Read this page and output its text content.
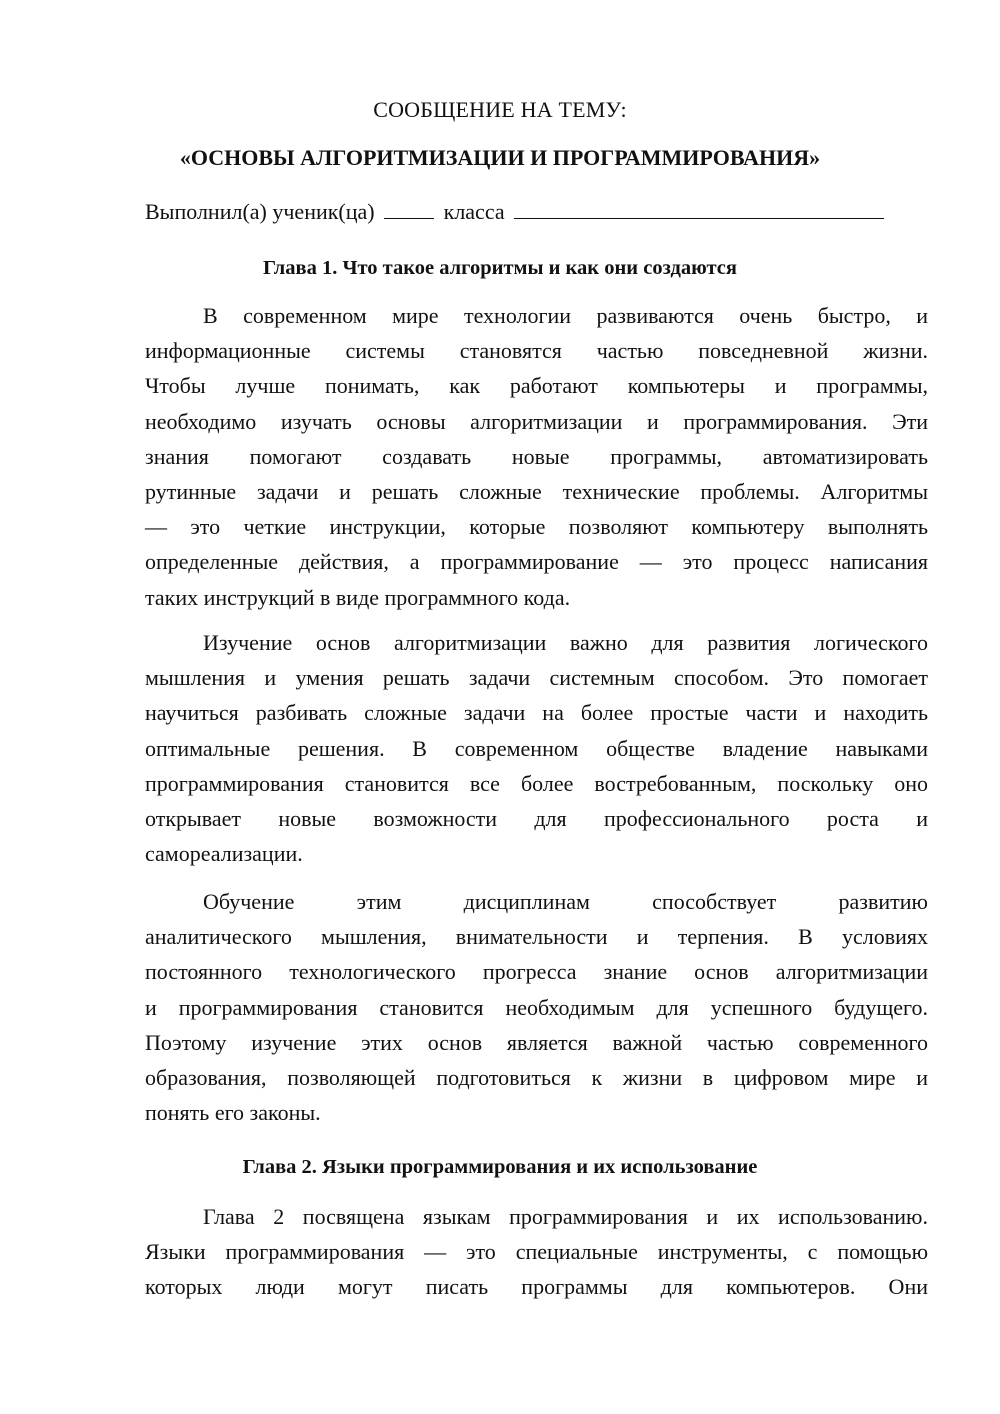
СООБЩЕНИЕ НА ТЕМУ:
«ОСНОВЫ АЛГОРИТМИЗАЦИИ И ПРОГРАММИРОВАНИЯ»
Выполнил(а) ученик(ца)	класса
Глава 1. Что такое алгоритмы и как они создаются
В современном мире технологии развиваются очень быстро, и
информационные системы становятся частью повседневной жизни.
Чтобы лучше понимать, как работают компьютеры и программы,
необходимо изучать основы алгоритмизации и программирования. Эти
знания помогают создавать новые программы, автоматизировать
рутинные задачи и решать сложные технические проблемы. Алгоритмы
— это четкие инструкции, которые позволяют компьютеру выполнять
определенные действия, а программирование — это процесс написания
таких инструкций в виде программного кода.
Изучение основ алгоритмизации важно для развития логического
мышления и умения решать задачи системным способом. Это помогает
научиться разбивать сложные задачи на более простые части и находить
оптимальные решения. В современном обществе владение навыками
программирования становится все более востребованным, поскольку оно
открывает новые возможности для профессионального роста и
самореализации.
Обучение этим дисциплинам способствует развитию
аналитического мышления, внимательности и терпения. В условиях
постоянного технологического прогресса знание основ алгоритмизации
и программирования становится необходимым для успешного будущего.
Поэтому изучение этих основ является важной частью современного
образования, позволяющей подготовиться к жизни в цифровом мире и
понять его законы.
Глава 2. Языки программирования и их использование
Глава 2 посвящена языкам программирования и их использованию.
Языки программирования — это специальные инструменты, с помощью
которых люди могут писать программы для компьютеров. Они
